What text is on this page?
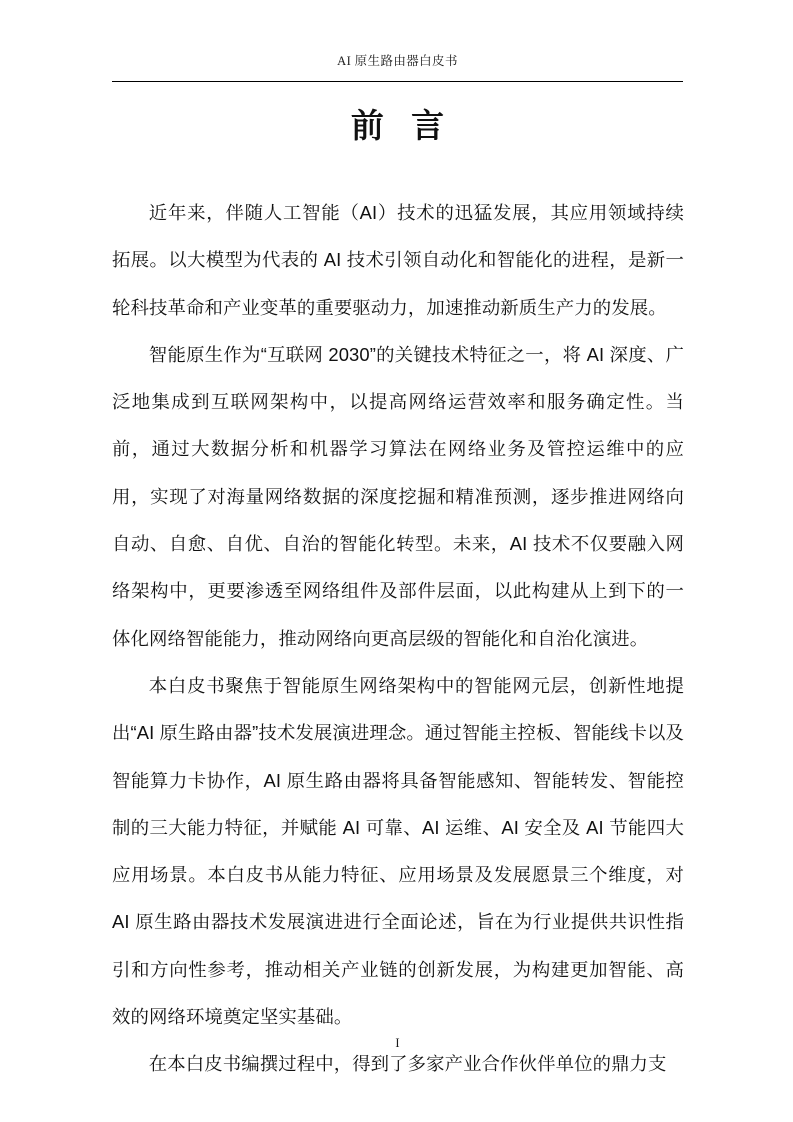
AI 原生路由器白皮书
前 言

近年来，伴随人工智能（AI）技术的迅猛发展，其应用领域持续拓展。以大模型为代表的 AI 技术引领自动化和智能化的进程，是新一轮科技革命和产业变革的重要驱动力，加速推动新质生产力的发展。

智能原生作为“互联网 2030”的关键技术特征之一，将 AI 深度、广泛地集成到互联网架构中，以提高网络运营效率和服务确定性。当前，通过大数据分析和机器学习算法在网络业务及管控运维中的应用，实现了对海量网络数据的深度挖掘和精准预测，逐步推进网络向自动、自愈、自优、自治的智能化转型。未来，AI 技术不仅要融入网络架构中，更要渗透至网络组件及部件层面，以此构建从上到下的一体化网络智能能力，推动网络向更高层级的智能化和自治化演进。

本白皮书聚焦于智能原生网络架构中的智能网元层，创新性地提出“AI 原生路由器”技术发展演进理念。通过智能主控板、智能线卡以及智能算力卡协作，AI 原生路由器将具备智能感知、智能转发、智能控制的三大能力特征，并赋能 AI 可靠、AI 运维、AI 安全及 AI 节能四大应用场景。本白皮书从能力特征、应用场景及发展愿景三个维度，对 AI 原生路由器技术发展演进进行全面论述，旨在为行业提供共识性指引和方向性参考，推动相关产业链的创新发展，为构建更加智能、高效的网络环境奠定坚实基础。

在本白皮书编撰过程中，得到了多家产业合作伙伴单位的鼎力支

I
